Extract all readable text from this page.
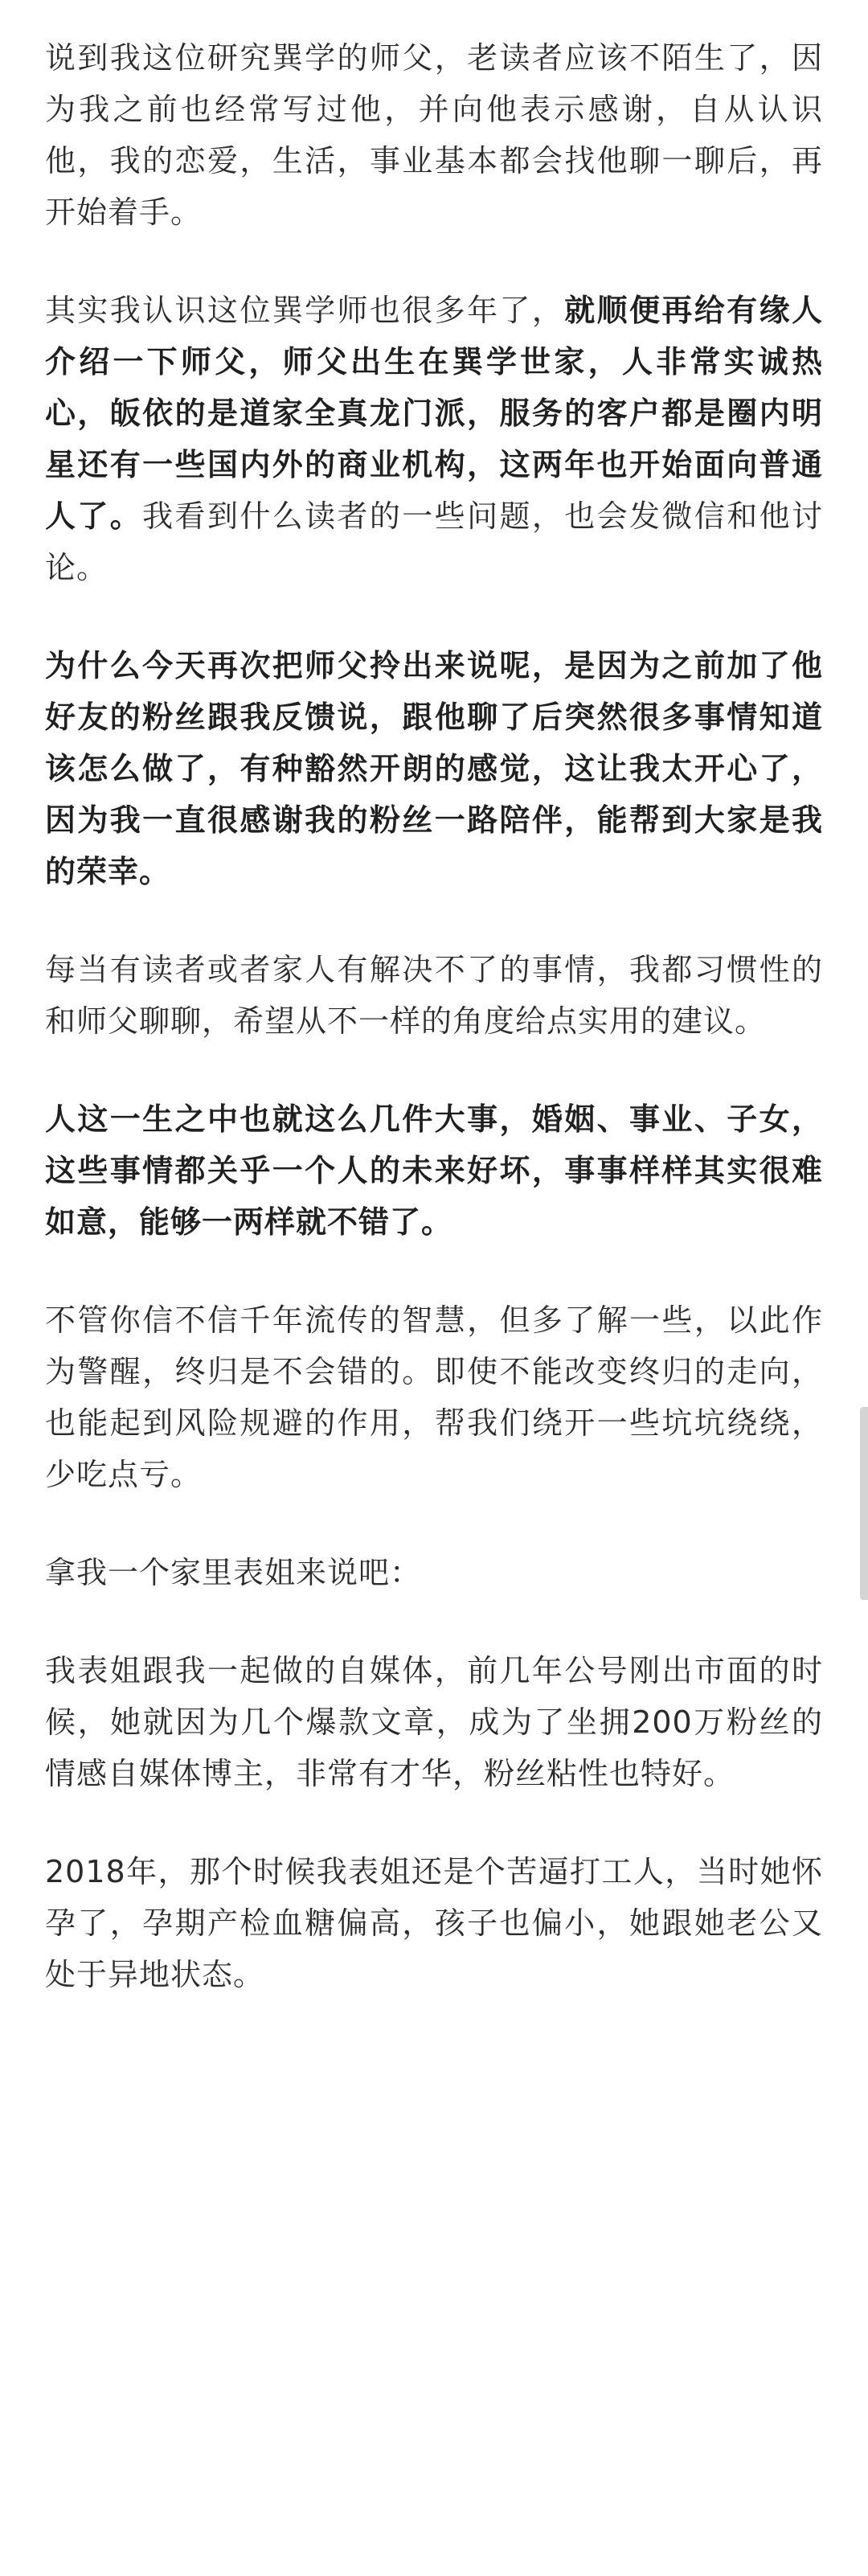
说到我这位研究巽学的师父，老读者应该不陌生了，因为我之前也经常写过他，并向他表示感谢，自从认识他，我的恋爱，生活，事业基本都会找他聊一聊后，再开始着手。

其实我认识这位巽学师也很多年了，就顺便再给有缘人介绍一下师父，师父出生在巽学世家，人非常实诚热心，皈依的是道家全真龙门派，服务的客户都是圈内明星还有一些国内外的商业机构，这两年也开始面向普通人了。我看到什么读者的一些问题，也会发微信和他讨论。

为什么今天再次把师父拎出来说呢，是因为之前加了他好友的粉丝跟我反馈说，跟他聊了后突然很多事情知道该怎么做了，有种豁然开朗的感觉，这让我太开心了，因为我一直很感谢我的粉丝一路陪伴，能帮到大家是我的荣幸。

每当有读者或者家人有解决不了的事情，我都习惯性的和师父聊聊，希望从不一样的角度给点实用的建议。

人这一生之中也就这么几件大事，婚姻、事业、子女，这些事情都关乎一个人的未来好坏，事事样样其实很难如意，能够一两样就不错了。

不管你信不信千年流传的智慧，但多了解一些，以此作为警醒，终归是不会错的。即使不能改变终归的走向，也能起到风险规避的作用，帮我们绕开一些坑坑绕绕，少吃点亏。

拿我一个家里表姐来说吧：

我表姐跟我一起做的自媒体，前几年公号刚出市面的时候，她就因为几个爆款文章，成为了坐拥200万粉丝的情感自媒体博主，非常有才华，粉丝粘性也特好。

2018年，那个时候我表姐还是个苦逼打工人，当时她怀孕了，孕期产检血糖偏高，孩子也偏小，她跟她老公又处于异地状态。
